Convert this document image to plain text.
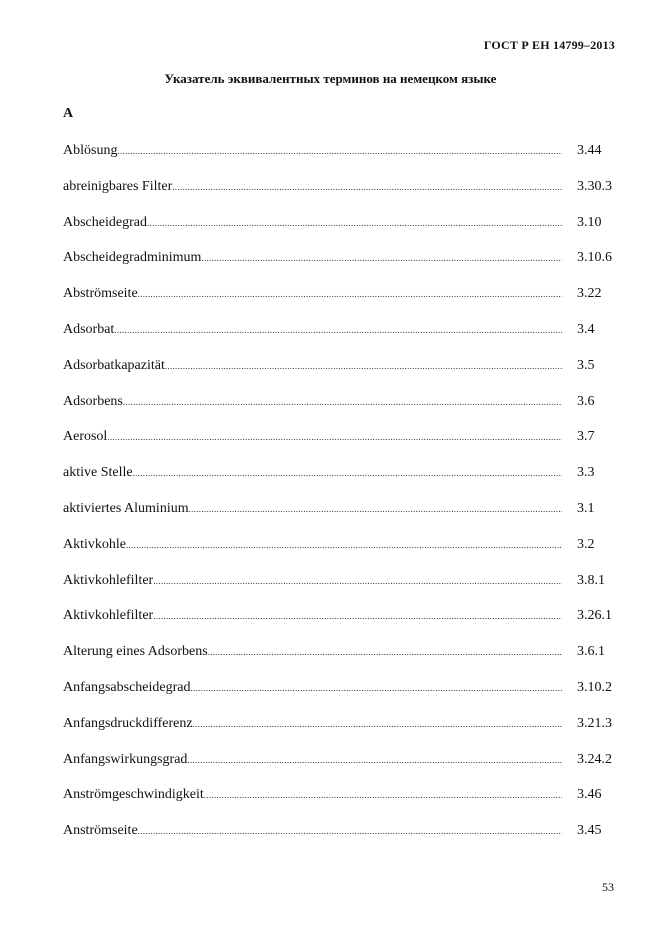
ГОСТ Р ЕН 14799–2013
Указатель эквивалентных терминов на немецком языке
A
Ablösung .....	3.44
abreinigbares Filter .....	3.30.3
Abscheidegrad .....	3.10
Abscheidegradminimum .....	3.10.6
Abströmseite .....	3.22
Adsorbat .....	3.4
Adsorbatkapazität .....	3.5
Adsorbens .....	3.6
Aerosol .....	3.7
aktive Stelle .....	3.3
aktiviertes Aluminium .....	3.1
Aktivkohle .....	3.2
Aktivkohlefilter .....	3.8.1
Aktivkohlefilter .....	3.26.1
Alterung eines Adsorbens .....	3.6.1
Anfangsabscheidegrad .....	3.10.2
Anfangsdruckdifferenz .....	3.21.3
Anfangswirkungsgrad .....	3.24.2
Anströmgeschwindigkeit .....	3.46
Anströmseite .....	3.45
53
